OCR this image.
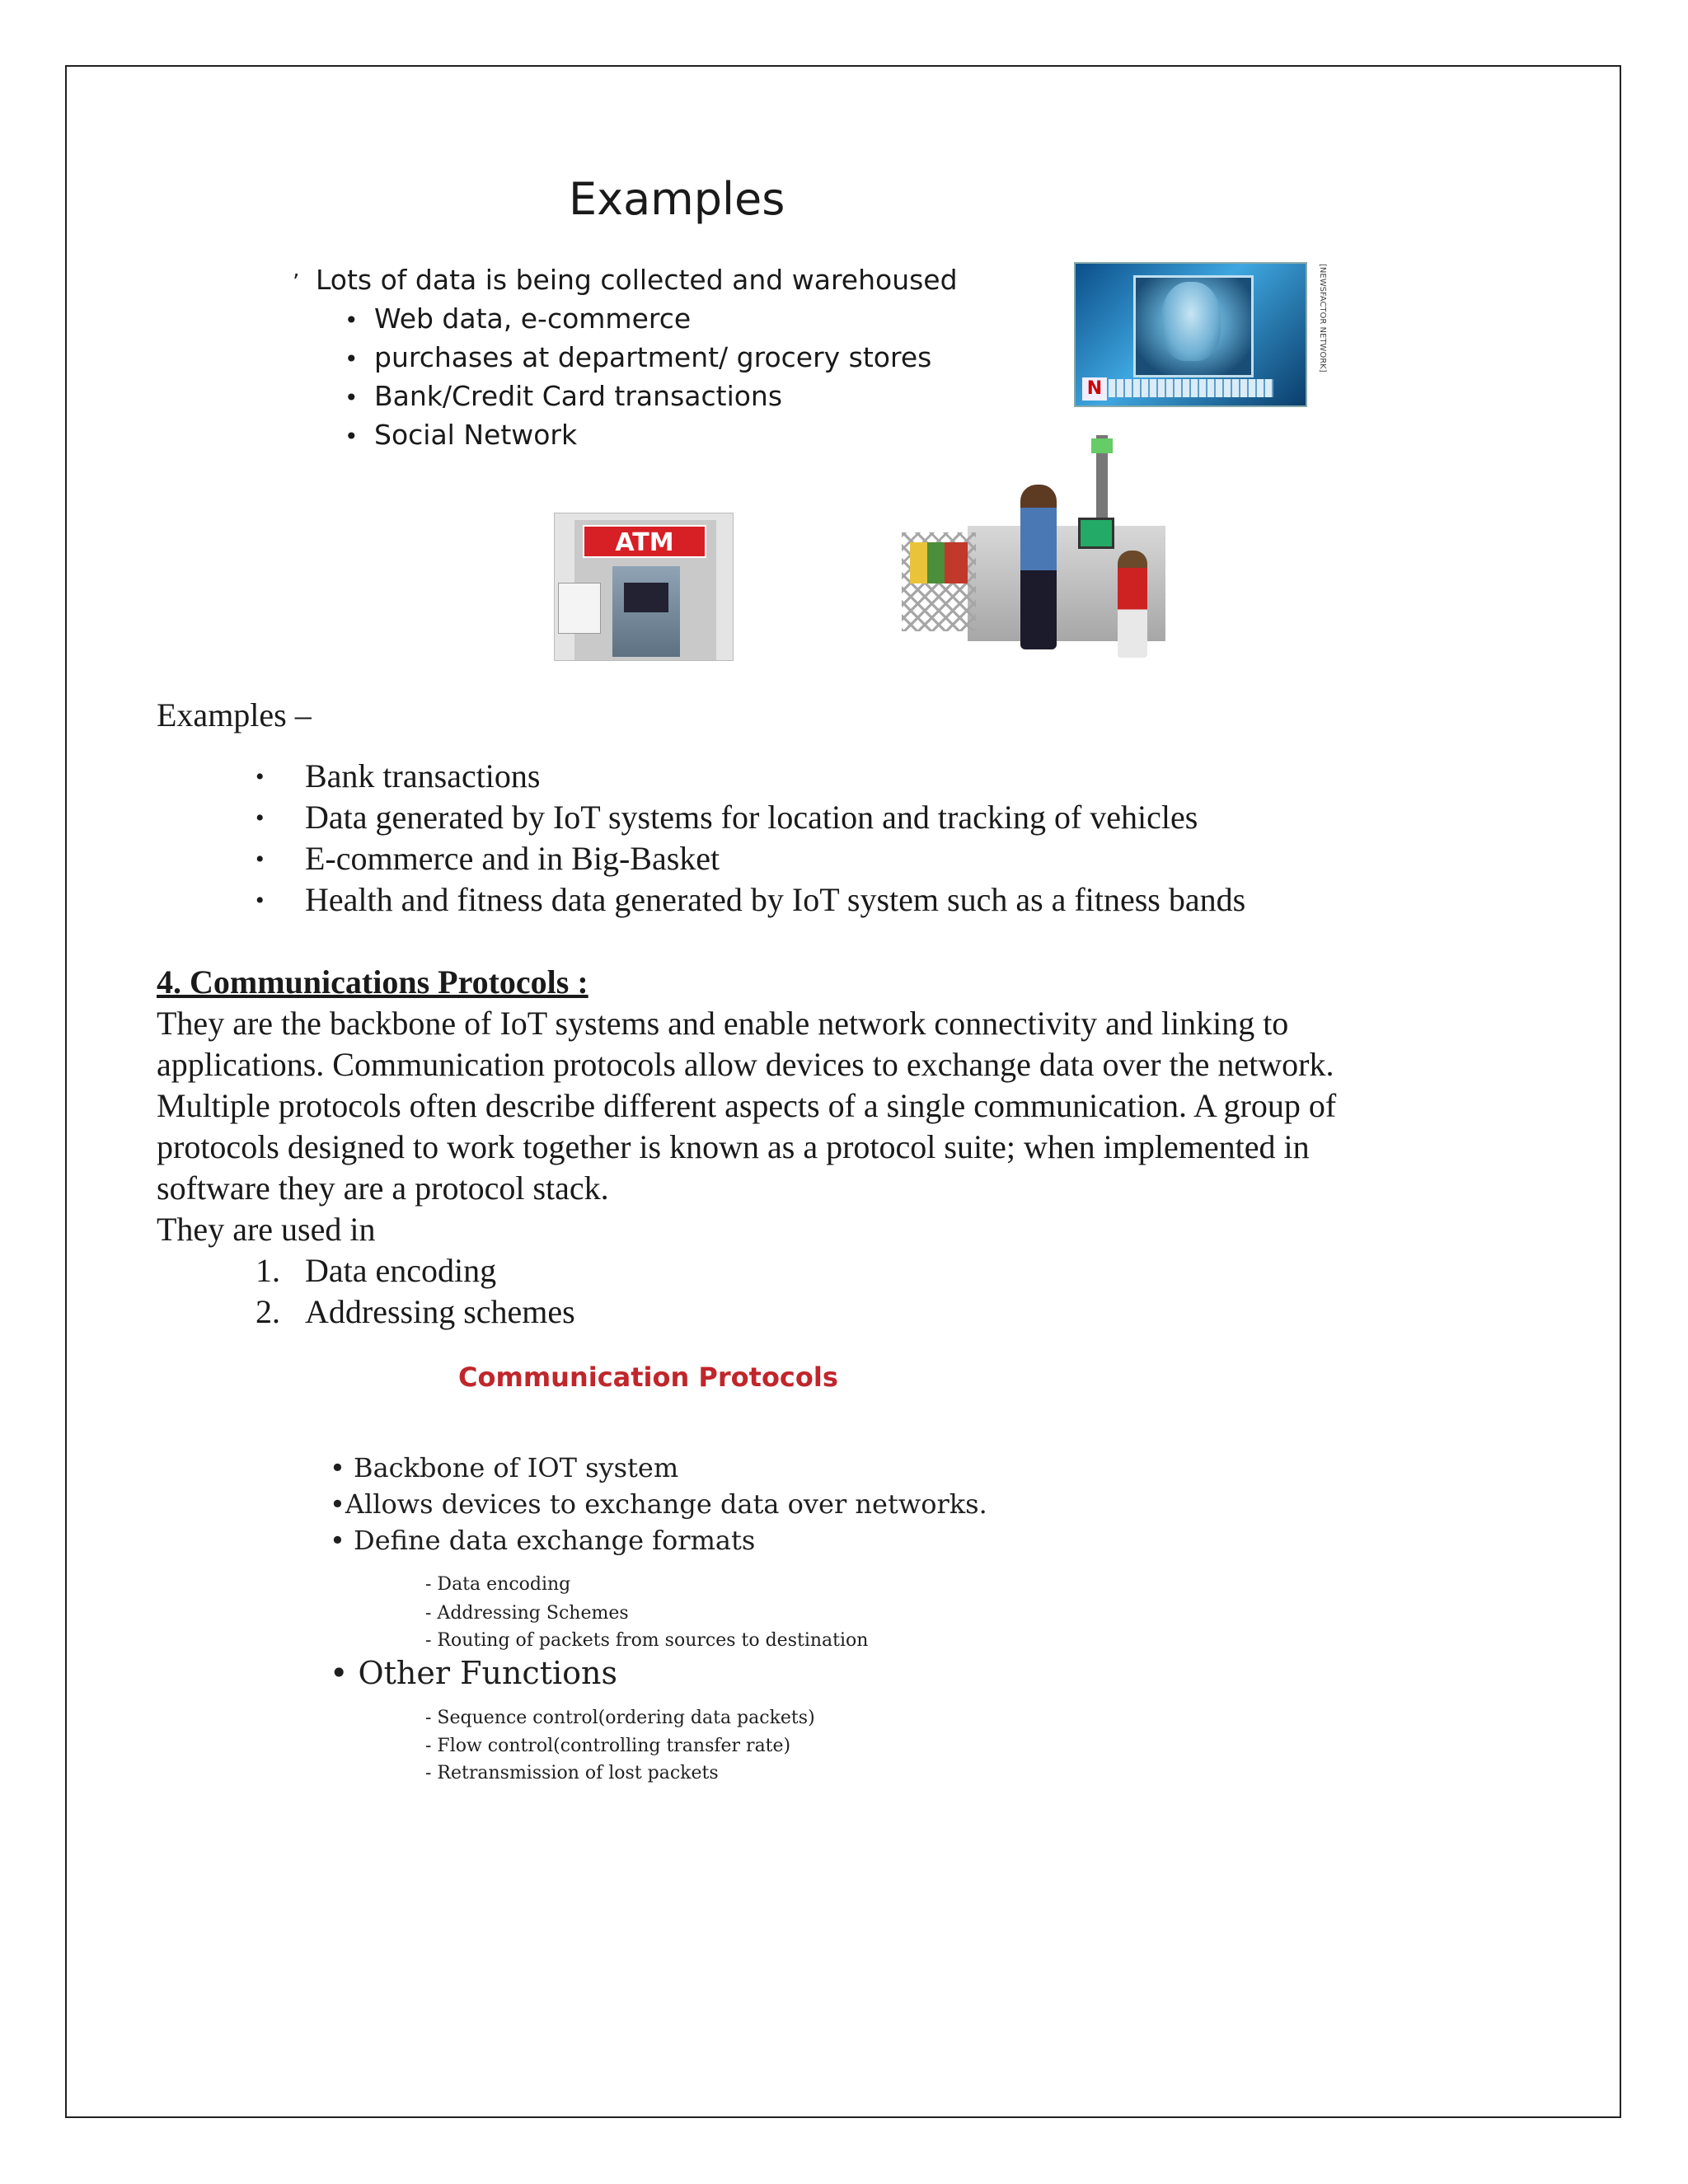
Examples
’ Lots of data is being collected and warehoused
• Web data, e-commerce
• purchases at department/ grocery stores
• Bank/Credit Card transactions
• Social Network
N
[NEWSFACTOR NETWORK]
ATM
Examples –
• Bank transactions
• Data generated by IoT systems for location and tracking of vehicles
• E-commerce and in Big-Basket
• Health and fitness data generated by IoT system such as a fitness bands
4. Communications Protocols :
They are the backbone of IoT systems and enable network connectivity and linking to
applications. Communication protocols allow devices to exchange data over the network.
Multiple protocols often describe different aspects of a single communication. A group of
protocols designed to work together is known as a protocol suite; when implemented in
software they are a protocol stack.
They are used in
1. Data encoding
2. Addressing schemes
Communication Protocols
• Backbone of IOT system
•Allows devices to exchange data over networks.
• Define data exchange formats
- Data encoding
- Addressing Schemes
- Routing of packets from sources to destination
• Other Functions
- Sequence control(ordering data packets)
- Flow control(controlling transfer rate)
- Retransmission of lost packets
